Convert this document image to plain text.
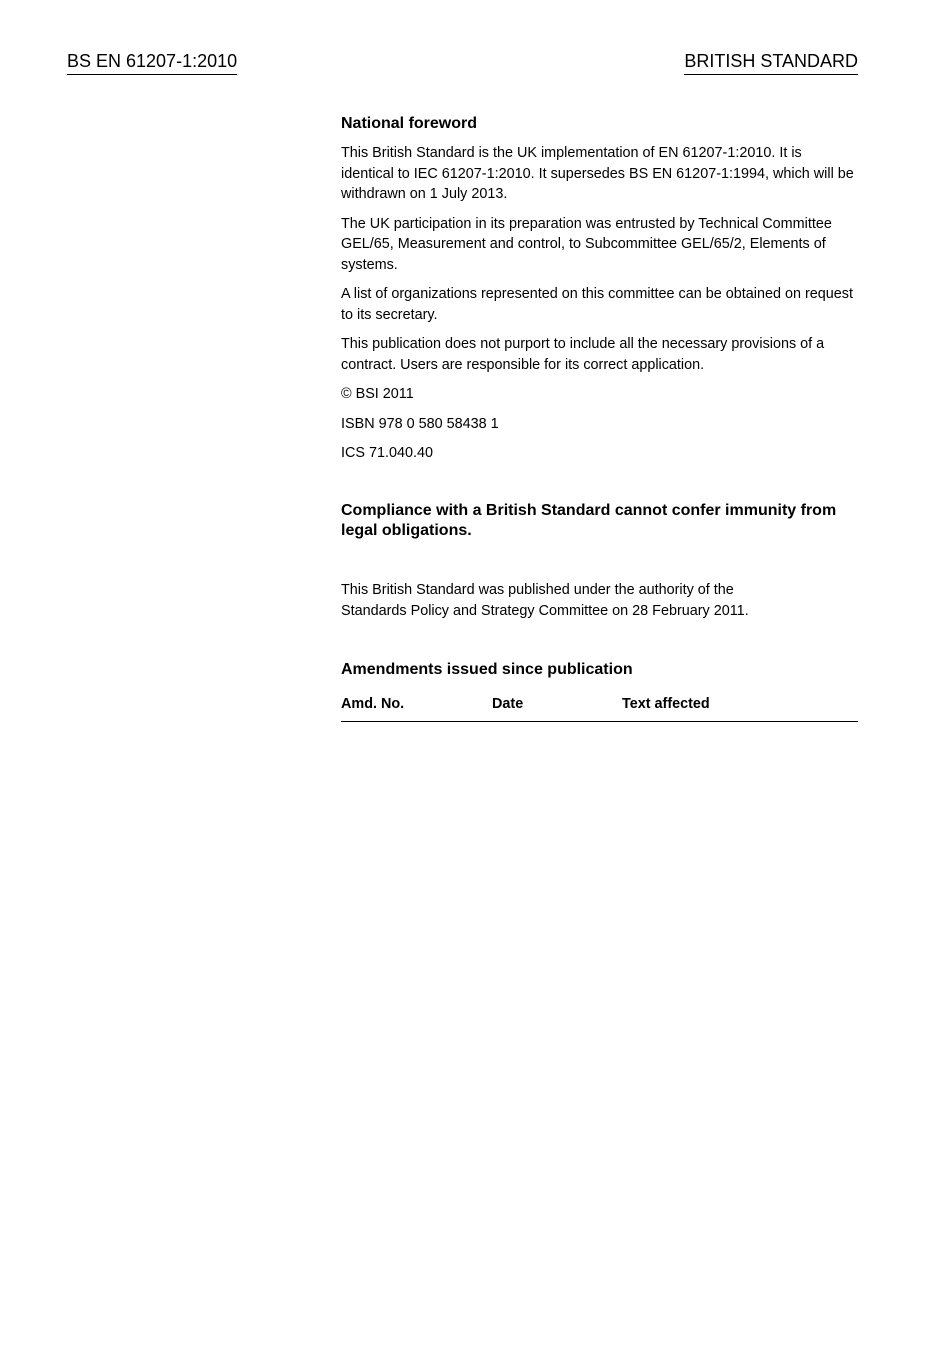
BS EN 61207-1:2010	BRITISH STANDARD
National foreword

This British Standard is the UK implementation of EN 61207-1:2010. It is identical to IEC 61207-1:2010. It supersedes BS EN 61207-1:1994, which will be withdrawn on 1 July 2013.

The UK participation in its preparation was entrusted by Technical Committee GEL/65, Measurement and control, to Subcommittee GEL/65/2, Elements of systems.

A list of organizations represented on this committee can be obtained on request to its secretary.

This publication does not purport to include all the necessary provisions of a contract. Users are responsible for its correct application.

© BSI 2011

ISBN 978 0 580 58438 1

ICS 71.040.40

Compliance with a British Standard cannot confer immunity from legal obligations.
This British Standard was published under the authority of the
Standards Policy and Strategy Committee on 28 February 2011.
Amendments issued since publication
Amd. No.	Date	Text affected
